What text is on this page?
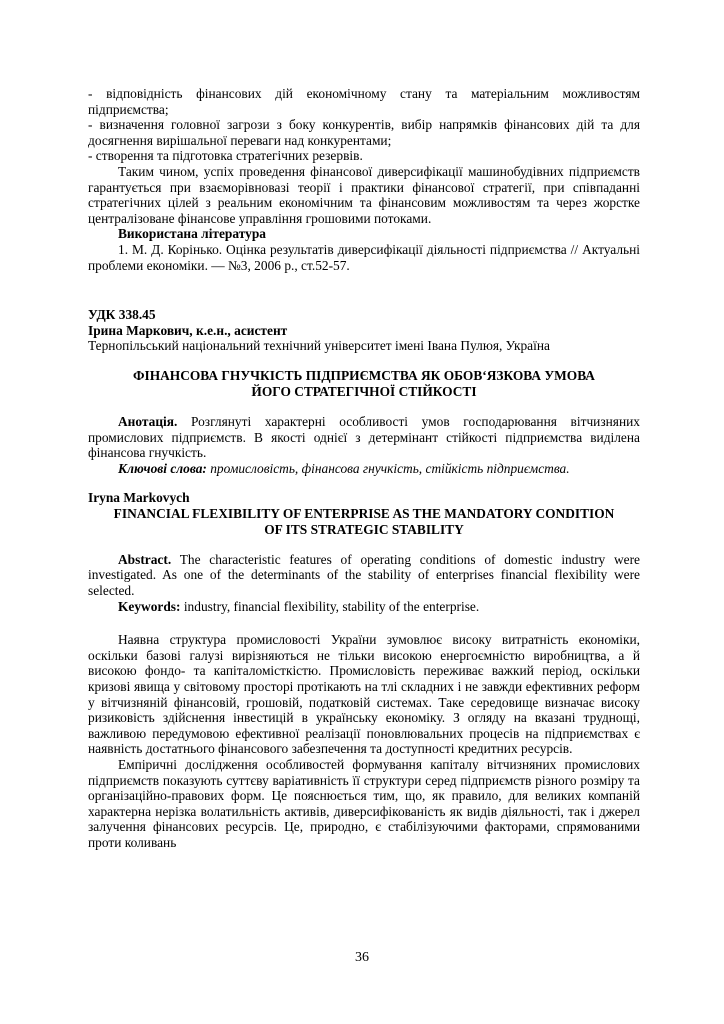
- відповідність фінансових дій економічному стану та матеріальним можливостям підприємства;

- визначення головної загрози з боку конкурентів, вибір напрямків фінансових дій та для досягнення вирішальної переваги над конкурентами;

- створення та підготовка стратегічних резервів.

Таким чином, успіх проведення фінансової диверсифікації машинобудівних підприємств гарантується при взаєморівновазі теорії і практики фінансової стратегії, при співпаданні стратегічних цілей з реальним економічним та фінансовим можливостям та через жорстке централізоване фінансове управління грошовими потоками.

Використана література

1. М. Д. Корінько. Оцінка результатів диверсифікації діяльності підприємства // Актуальні проблеми економіки. — №3, 2006 р., ст.52-57.

УДК 338.45

Ірина Маркович, к.е.н., асистент

Тернопільський національний технічний університет імені Івана Пулюя, Україна

ФІНАНСОВА ГНУЧКІСТЬ ПІДПРИЄМСТВА ЯК ОБОВ‘ЯЗКОВА УМОВА

ЙОГО СТРАТЕГІЧНОЇ СТІЙКОСТІ

Анотація. Розглянуті характерні особливості умов господарювання вітчизняних промислових підприємств. В якості однієї з детермінант стійкості підприємства виділена фінансова гнучкість.

Ключові слова: промисловість, фінансова гнучкість, стійкість підприємства.

Iryna Markovych

FINANCIAL FLEXIBILITY OF ENTERPRISE AS THE MANDATORY CONDITION

OF ITS STRATEGIC STABILITY

Abstract. The characteristic features of operating conditions of domestic industry were investigated. As one of the determinants of the stability of enterprises financial flexibility were selected.

Keywords: industry, financial flexibility, stability of the enterprise.

Наявна структура промисловості України зумовлює високу витратність економіки, оскільки базові галузі вирізняються не тільки високою енергоємністю виробництва, а й високою фондо- та капіталомісткістю. Промисловість переживає важкий період, оскільки кризові явища у світовому просторі протікають на тлі складних і не завжди ефективних реформ у вітчизняній фінансовій, грошовій, податковій системах. Таке середовище визначає високу ризиковість здійснення інвестицій в українську економіку. З огляду на вказані труднощі, важливою передумовою ефективної реалізації поновлювальних процесів на підприємствах є наявність достатнього фінансового забезпечення та доступності кредитних ресурсів.

Емпіричні дослідження особливостей формування капіталу вітчизняних промислових підприємств показують суттєву варіативність її структури серед підприємств різного розміру та організаційно-правових форм. Це пояснюється тим, що, як правило, для великих компаній характерна нерізка волатильність активів, диверсифікованість як видів діяльності, так і джерел залучення фінансових ресурсів. Це, природно, є стабілізуючими факторами, спрямованими проти коливань

36
